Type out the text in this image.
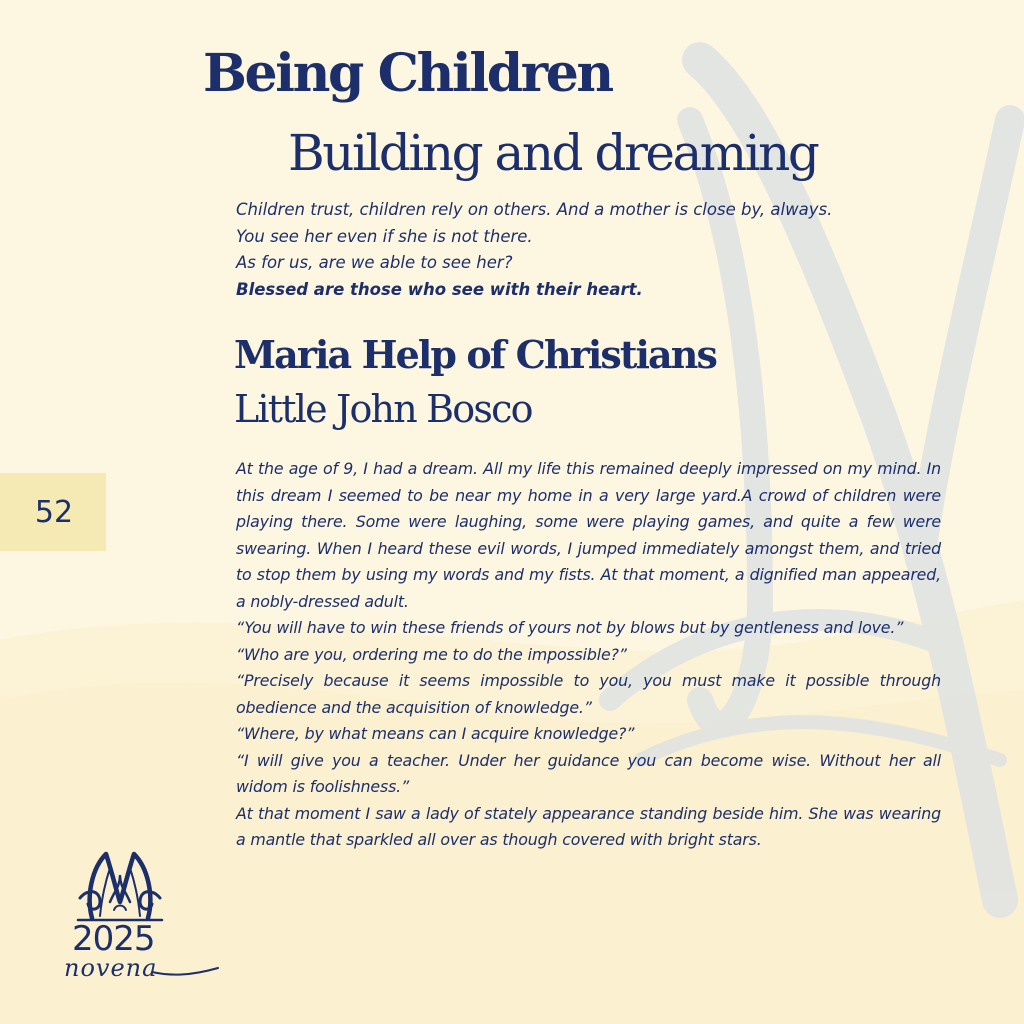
52
Being Children
Building and dreaming
Children trust, children rely on others. And a mother is close by, always.
You see her even if she is not there.
As for us, are we able to see her?
Blessed are those who see with their heart.
Maria Help of Christians
Little John Bosco

At the age of 9, I had a dream. All my life this remained deeply impressed on my mind. In this dream I seemed to be near my home in a very large yard.A crowd of children were playing there. Some were laughing, some were playing games, and quite a few were swearing. When I heard these evil words, I jumped immediately amongst them, and tried to stop them by using my words and my fists. At that moment, a dignified man appeared, a nobly-dressed adult.

“You will have to win these friends of yours not by blows but by gentleness and love.”

“Who are you, ordering me to do the impossible?”

“Precisely because it seems impossible to you, you must make it possible through obedience and the acquisition of knowledge.”

“Where, by what means can I acquire knowledge?”

“I will give you a teacher. Under her guidance you can become wise. Without her all widom is foolishness.”

At that moment I saw a lady of stately appearance standing beside him. She was wearing a mantle that sparkled all over as though covered with bright stars.

2025
novena
